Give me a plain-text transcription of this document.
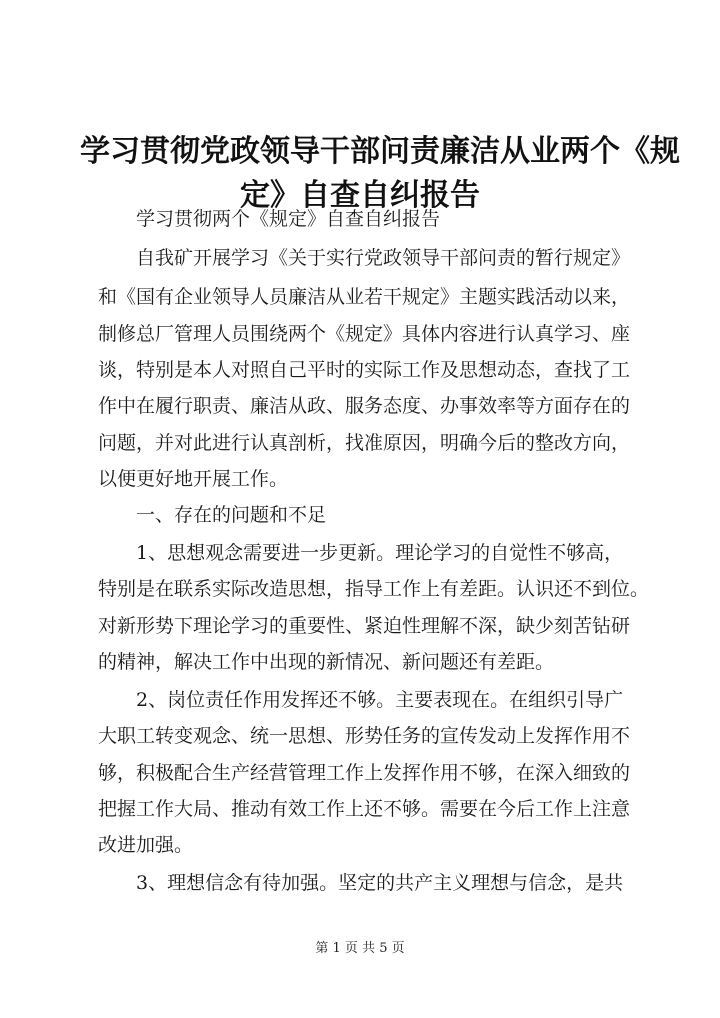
学习贯彻党政领导干部问责廉洁从业两个《规
定》自查自纠报告
学习贯彻两个《规定》自查自纠报告
自我矿开展学习《关于实行党政领导干部问责的暂行规定》
和《国有企业领导人员廉洁从业若干规定》主题实践活动以来，
制修总厂管理人员围绕两个《规定》具体内容进行认真学习、座
谈，特别是本人对照自己平时的实际工作及思想动态，查找了工
作中在履行职责、廉洁从政、服务态度、办事效率等方面存在的
问题，并对此进行认真剖析，找准原因，明确今后的整改方向，
以便更好地开展工作。
一、存在的问题和不足
1、思想观念需要进一步更新。理论学习的自觉性不够高，
特别是在联系实际改造思想，指导工作上有差距。认识还不到位。
对新形势下理论学习的重要性、紧迫性理解不深，缺少刻苦钻研
的精神，解决工作中出现的新情况、新问题还有差距。
2、岗位责任作用发挥还不够。主要表现在。在组织引导广
大职工转变观念、统一思想、形势任务的宣传发动上发挥作用不
够，积极配合生产经营管理工作上发挥作用不够，在深入细致的
把握工作大局、推动有效工作上还不够。需要在今后工作上注意
改进加强。
3、理想信念有待加强。坚定的共产主义理想与信念，是共
第 1 页 共 5 页
